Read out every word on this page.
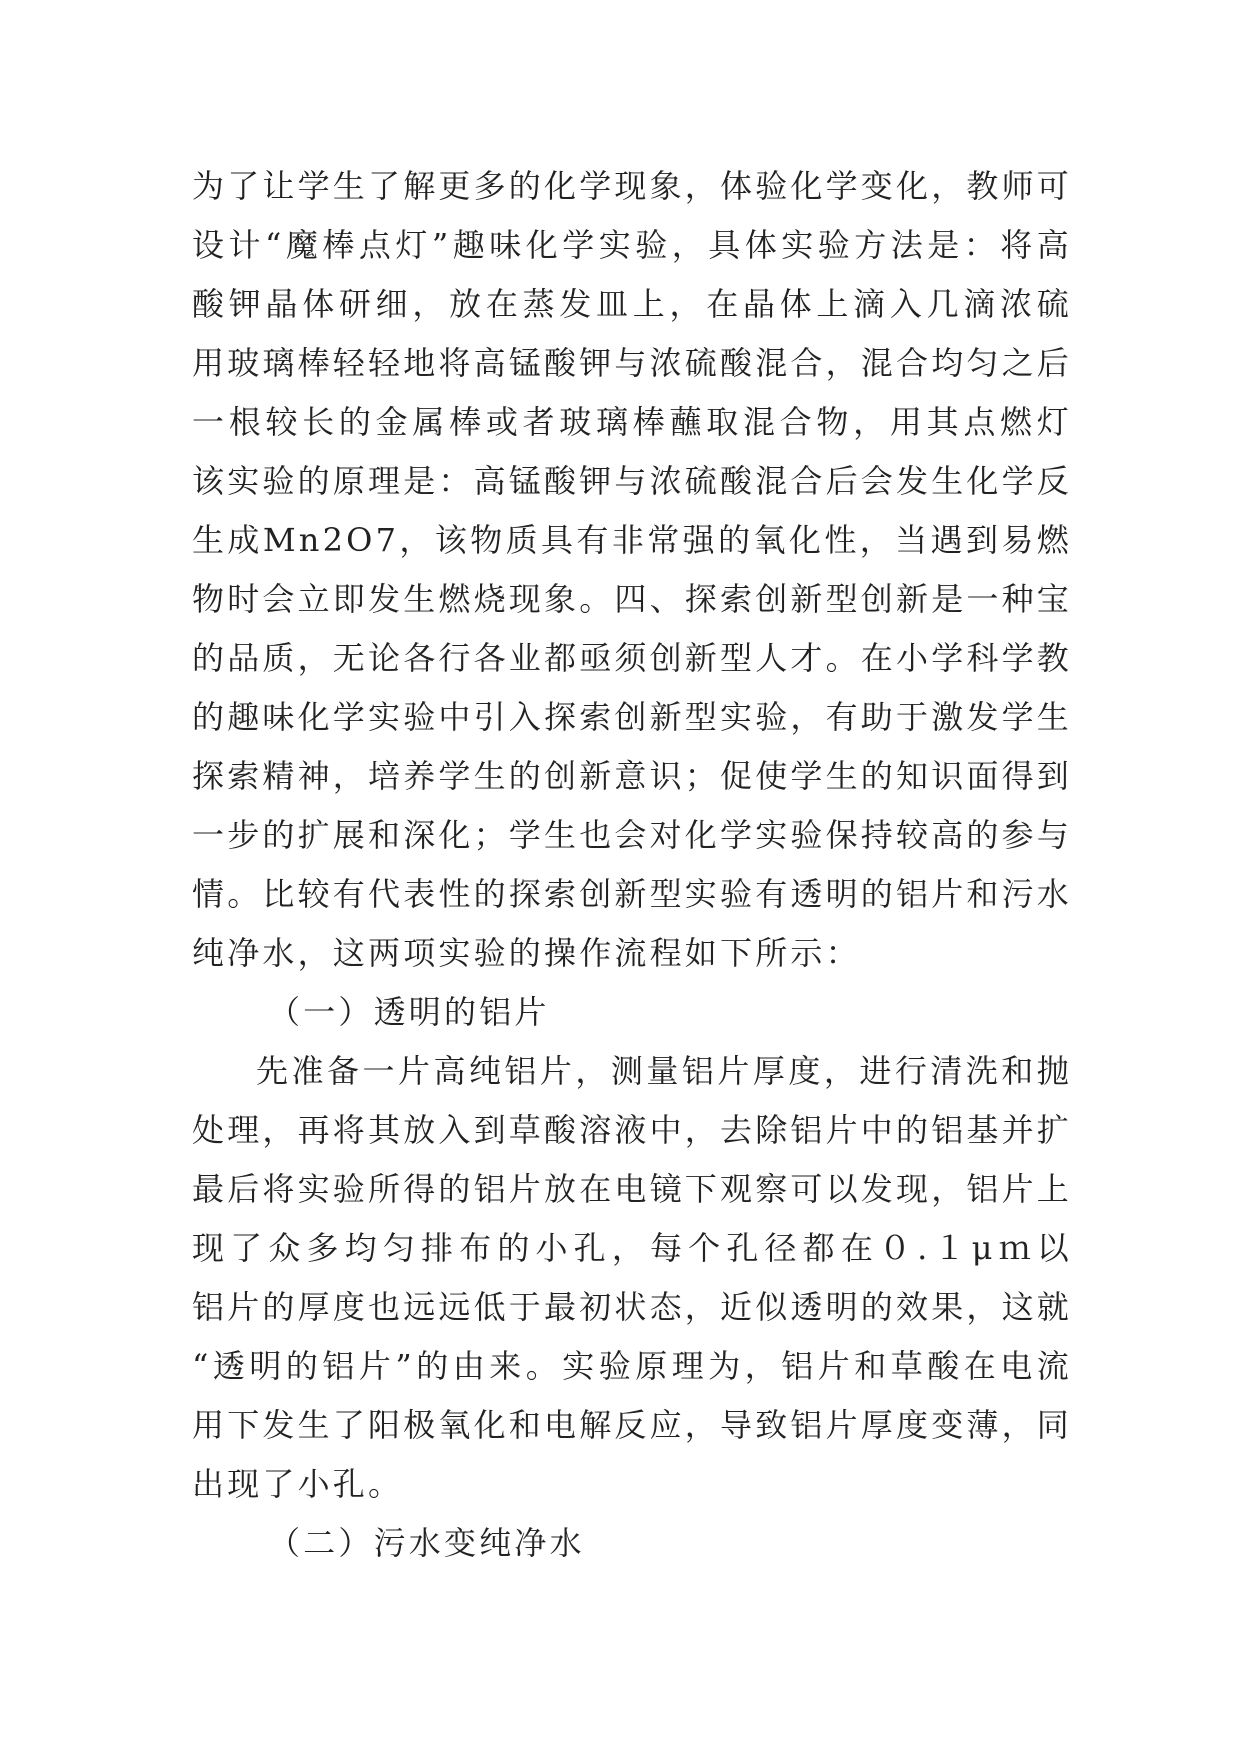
为了让学生了解更多的化学现象，体验化学变化，教师可
设计“魔棒点灯”趣味化学实验，具体实验方法是：将高
酸钾晶体研细，放在蒸发皿上，在晶体上滴入几滴浓硫
用玻璃棒轻轻地将高锰酸钾与浓硫酸混合，混合均匀之后
一根较长的金属棒或者玻璃棒蘸取混合物，用其点燃灯
该实验的原理是：高锰酸钾与浓硫酸混合后会发生化学反
生成Mn2O7，该物质具有非常强的氧化性，当遇到易燃
物时会立即发生燃烧现象。四、探索创新型创新是一种宝
的品质，无论各行各业都亟须创新型人才。在小学科学教
的趣味化学实验中引入探索创新型实验，有助于激发学生
探索精神，培养学生的创新意识；促使学生的知识面得到
一步的扩展和深化；学生也会对化学实验保持较高的参与
情。比较有代表性的探索创新型实验有透明的铝片和污水
纯净水，这两项实验的操作流程如下所示：
（一）透明的铝片
先准备一片高纯铝片，测量铝片厚度，进行清洗和抛
处理，再将其放入到草酸溶液中，去除铝片中的铝基并扩
最后将实验所得的铝片放在电镜下观察可以发现，铝片上
现了众多均匀排布的小孔，每个孔径都在０.１μｍ以
铝片的厚度也远远低于最初状态，近似透明的效果，这就
“透明的铝片”的由来。实验原理为，铝片和草酸在电流
用下发生了阳极氧化和电解反应，导致铝片厚度变薄，同
出现了小孔。
（二）污水变纯净水
